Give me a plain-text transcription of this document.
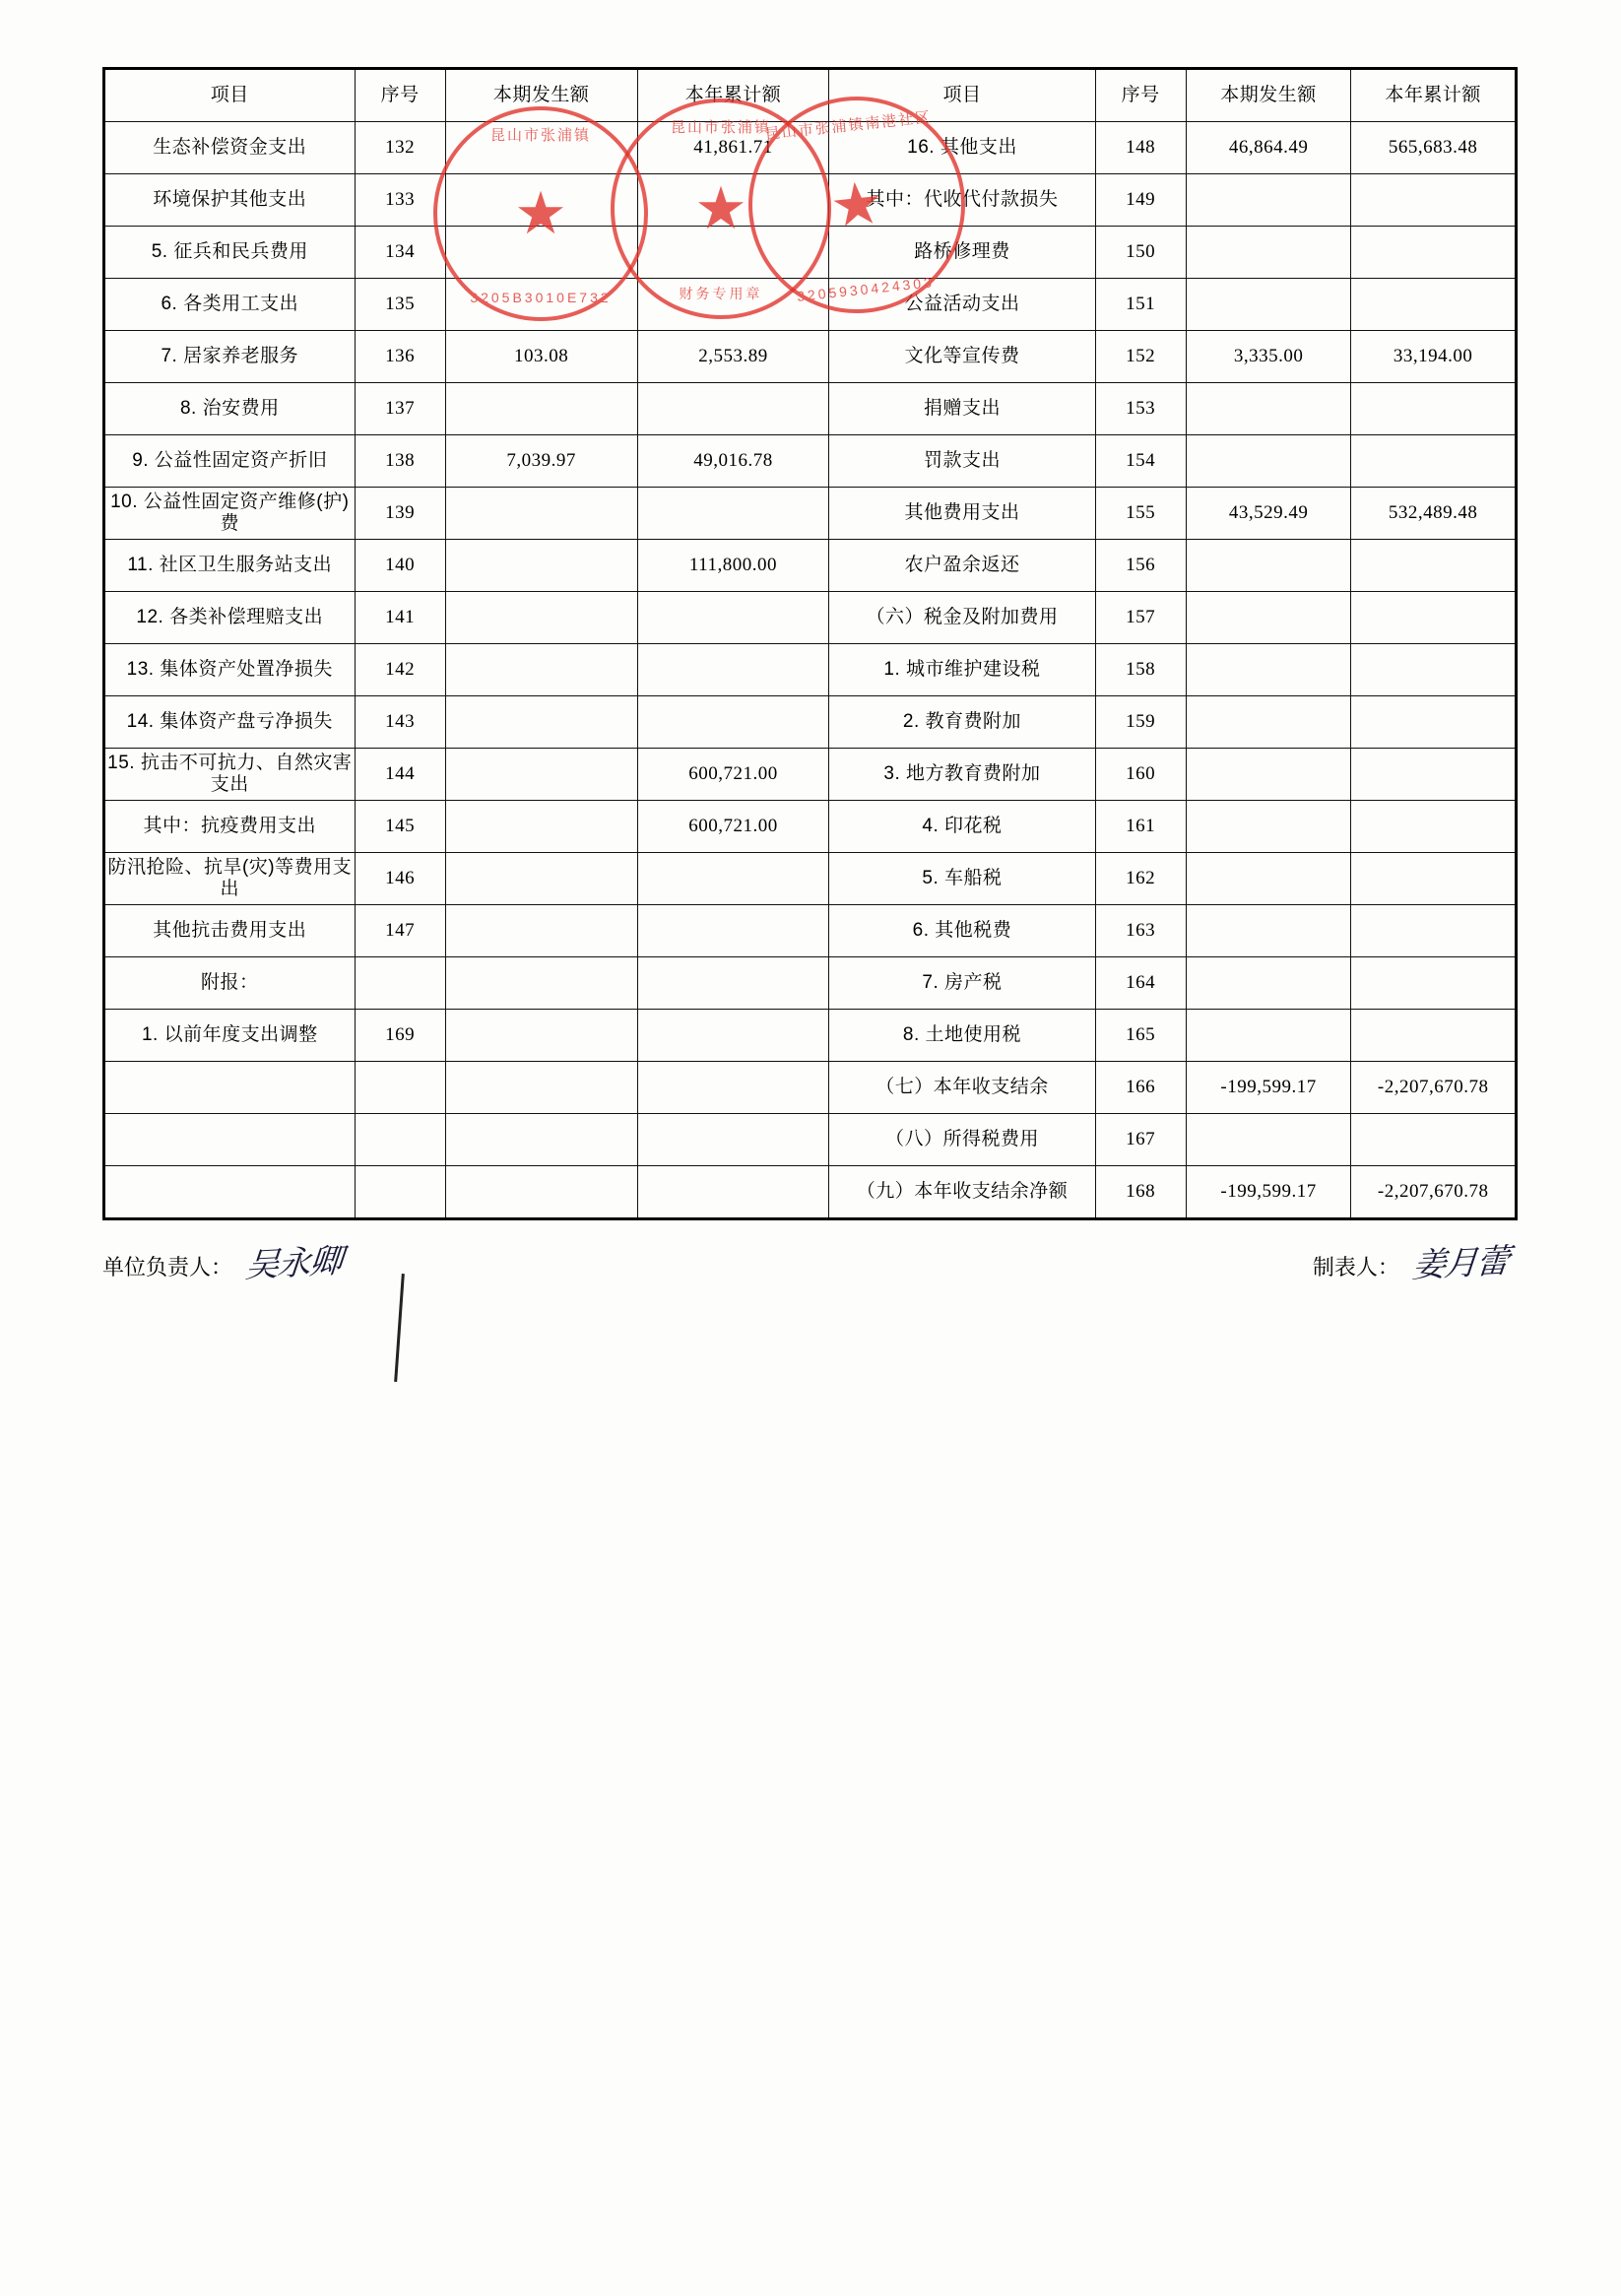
项目	序号	本期发生额	本年累计额	项目	序号	本期发生额	本年累计额
生态补偿资金支出	132		41,861.71	16. 其他支出	148	46,864.49	565,683.48
环境保护其他支出	133			其中：代收代付款损失	149		
5. 征兵和民兵费用	134			路桥修理费	150		
6. 各类用工支出	135			公益活动支出	151		
7. 居家养老服务	136	103.08	2,553.89	文化等宣传费	152	3,335.00	33,194.00
8. 治安费用	137			捐赠支出	153		
9. 公益性固定资产折旧	138	7,039.97	49,016.78	罚款支出	154		
10. 公益性固定资产维修(护) 费	139			其他费用支出	155	43,529.49	532,489.48
11. 社区卫生服务站支出	140		111,800.00	农户盈余返还	156		
12. 各类补偿理赔支出	141			（六）税金及附加费用	157		
13. 集体资产处置净损失	142			1. 城市维护建设税	158		
14. 集体资产盘亏净损失	143			2. 教育费附加	159		
15. 抗击不可抗力、自然灾害支出	144		600,721.00	3. 地方教育费附加	160		
其中：抗疫费用支出	145		600,721.00	4. 印花税	161		
防汛抢险、抗旱(灾)等费用支出	146			5. 车船税	162		
其他抗击费用支出	147			6. 其他税费	163		
附报：				7. 房产税	164		
1. 以前年度支出调整	169			8. 土地使用税	165		
				（七）本年收支结余	166	-199,599.17	-2,207,670.78
				（八）所得税费用	167		
				（九）本年收支结余净额	168	-199,599.17	-2,207,670.78
昆山市张浦镇
★
3205B3010E732
昆山市张浦镇
★
财务专用章
昆山市张浦镇南港社区
★
3205930424303
单位负责人： 吴永卿	制表人： 姜月蕾
